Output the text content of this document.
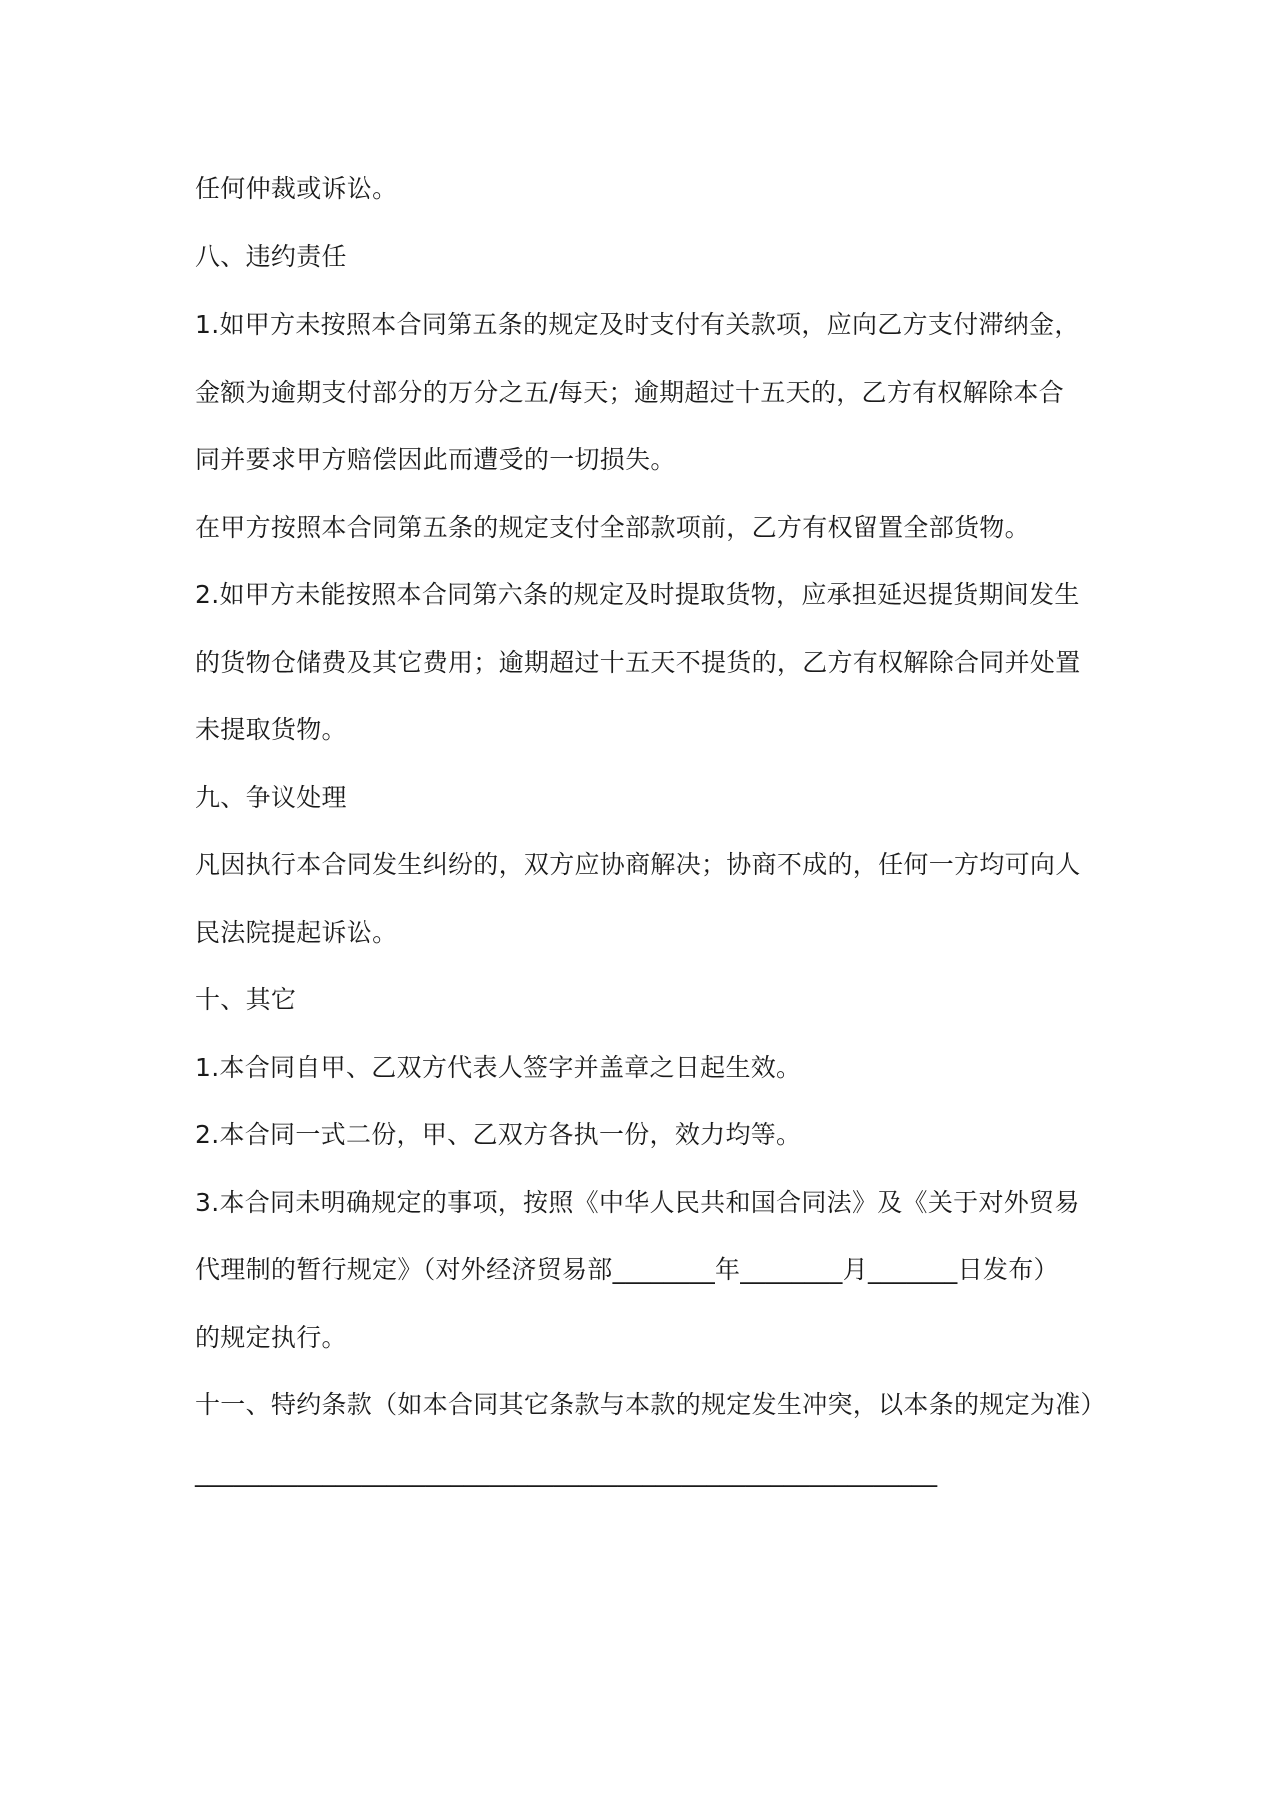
任何仲裁或诉讼。
八、违约责任
1.如甲方未按照本合同第五条的规定及时支付有关款项，应向乙方支付滞纳金，
金额为逾期支付部分的万分之五/每天；逾期超过十五天的，乙方有权解除本合
同并要求甲方赔偿因此而遭受的一切损失。
在甲方按照本合同第五条的规定支付全部款项前，乙方有权留置全部货物。
2.如甲方未能按照本合同第六条的规定及时提取货物，应承担延迟提货期间发生
的货物仓储费及其它费用；逾期超过十五天不提货的，乙方有权解除合同并处置
未提取货物。
九、争议处理
凡因执行本合同发生纠纷的，双方应协商解决；协商不成的，任何一方均可向人
民法院提起诉讼。
十、其它
1.本合同自甲、乙双方代表人签字并盖章之日起生效。
2.本合同一式二份，甲、乙双方各执一份，效力均等。
3.本合同未明确规定的事项，按照《中华人民共和国合同法》及《关于对外贸易
代理制的暂行规定》（对外经济贸易部________年________月_______日发布）
的规定执行。
十一、特约条款（如本合同其它条款与本款的规定发生冲突，以本条的规定为准）
__________________________________________________________
